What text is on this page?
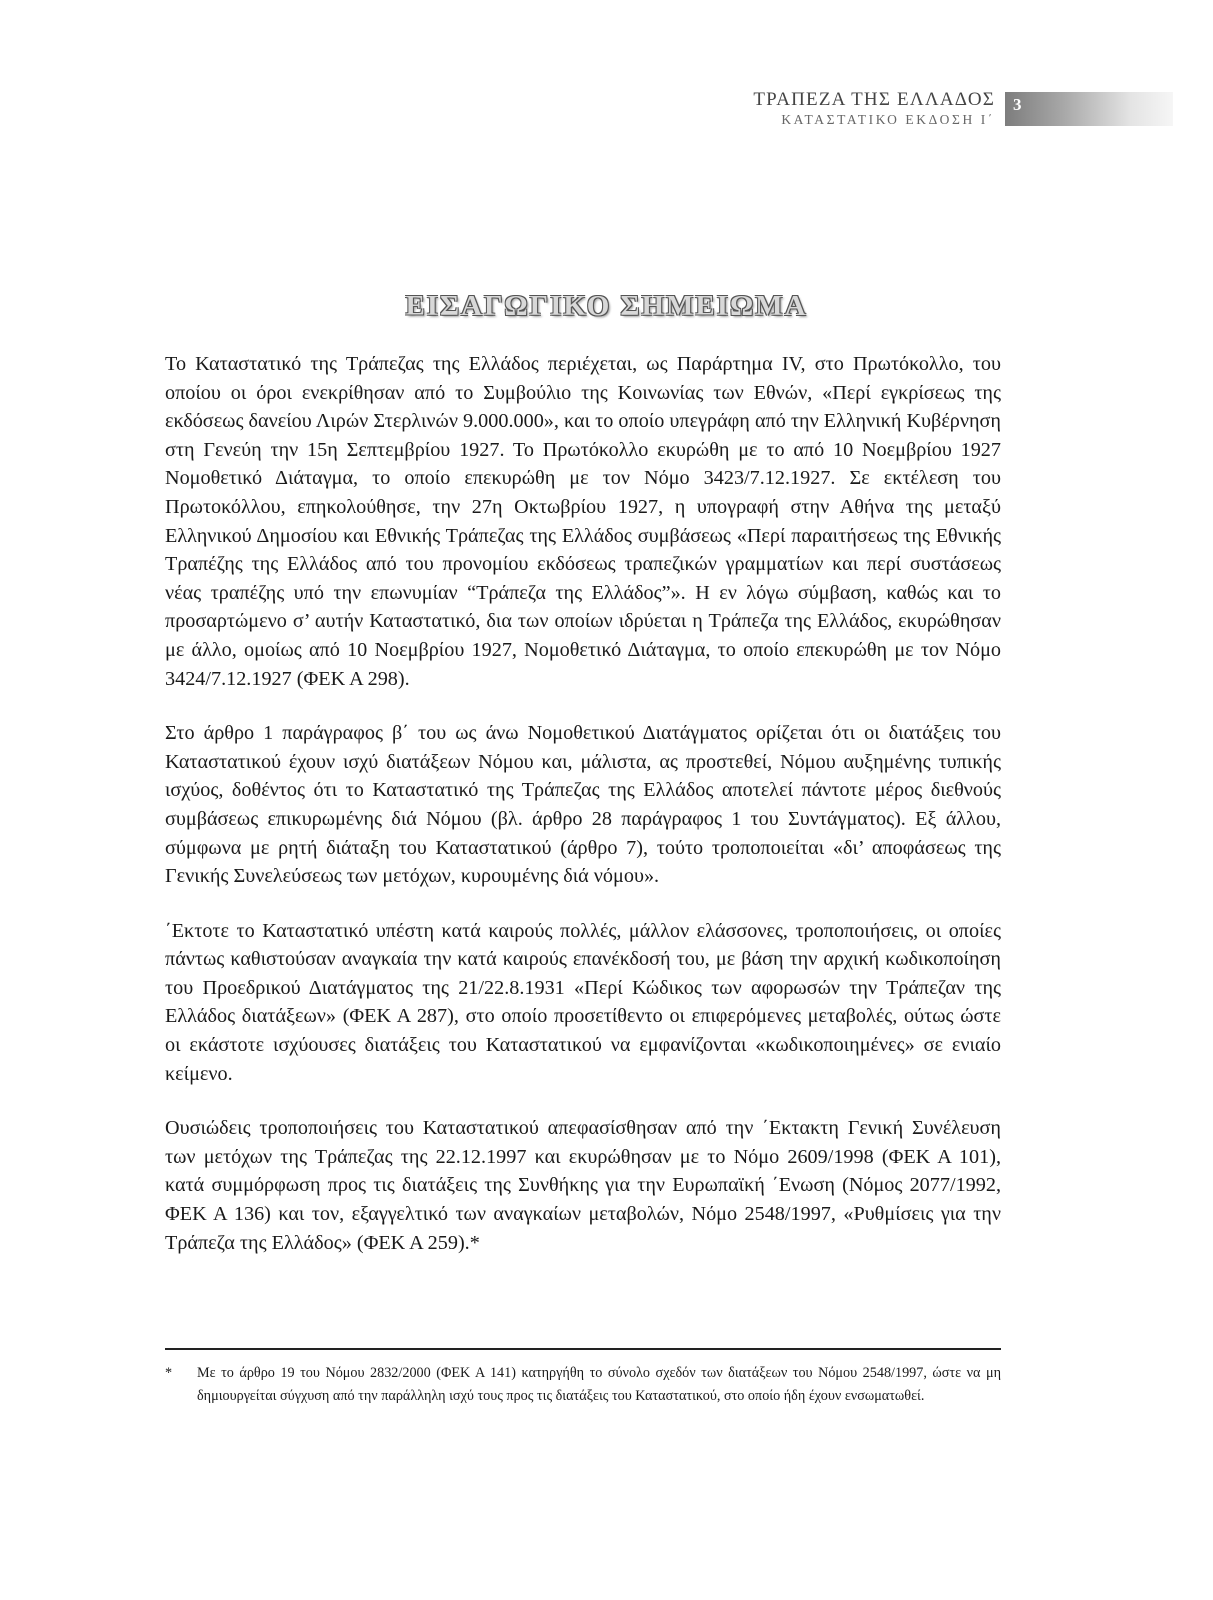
ΤΡΑΠΕΖΑ ΤΗΣ ΕΛΛΑΔΟΣ
ΚΑΤΑΣΤΑΤΙΚΟ ΕΚΔΟΣΗ Ι΄
3
ΕΙΣΑΓΩΓΙΚΟ ΣΗΜΕΙΩΜΑ

Το Καταστατικό της Τράπεζας της Ελλάδος περιέχεται, ως Παράρτημα IV, στο Πρωτόκολλο, του οποίου οι όροι ενεκρίθησαν από το Συμβούλιο της Κοινωνίας των Εθνών, «Περί εγκρίσεως της εκδόσεως δανείου Λιρών Στερλινών 9.000.000», και το οποίο υπεγράφη από την Ελληνική Κυβέρνηση στη Γενεύη την 15η Σεπτεμβρίου 1927. Το Πρωτόκολλο εκυρώθη με το από 10 Νοεμβρίου 1927 Νομοθετικό Διάταγμα, το οποίο επεκυρώθη με τον Νόμο 3423/7.12.1927. Σε εκτέλεση του Πρωτοκόλλου, επηκολούθησε, την 27η Οκτωβρίου 1927, η υπογραφή στην Αθήνα της μεταξύ Ελληνικού Δημοσίου και Εθνικής Τράπεζας της Ελλάδος συμβάσεως «Περί παραιτήσεως της Εθνικής Τραπέζης της Ελλάδος από του προνομίου εκδόσεως τραπεζικών γραμματίων και περί συστάσεως νέας τραπέζης υπό την επωνυμίαν “Τράπεζα της Ελλάδος”». Η εν λόγω σύμβαση, καθώς και το προσαρτώμενο σ’ αυτήν Καταστατικό, δια των οποίων ιδρύεται η Τράπεζα της Ελλάδος, εκυρώθησαν με άλλο, ομοίως από 10 Νοεμβρίου 1927, Νομοθετικό Διάταγμα, το οποίο επεκυρώθη με τον Νόμο 3424/7.12.1927 (ΦΕΚ Α 298).

Στο άρθρο 1 παράγραφος β΄ του ως άνω Νομοθετικού Διατάγματος ορίζεται ότι οι διατάξεις του Καταστατικού έχουν ισχύ διατάξεων Νόμου και, μάλιστα, ας προστεθεί, Νόμου αυξημένης τυπικής ισχύος, δοθέντος ότι το Καταστατικό της Τράπεζας της Ελλάδος αποτελεί πάντοτε μέρος διεθνούς συμβάσεως επικυρωμένης διά Νόμου (βλ. άρθρο 28 παράγραφος 1 του Συντάγματος). Εξ άλλου, σύμφωνα με ρητή διάταξη του Καταστατικού (άρθρο 7), τούτο τροποποιείται «δι’ αποφάσεως της Γενικής Συνελεύσεως των μετόχων, κυρουμένης διά νόμου».

΄Εκτοτε το Καταστατικό υπέστη κατά καιρούς πολλές, μάλλον ελάσσονες, τροποποιήσεις, οι οποίες πάντως καθιστούσαν αναγκαία την κατά καιρούς επανέκδοσή του, με βάση την αρχική κωδικοποίηση του Προεδρικού Διατάγματος της 21/22.8.1931 «Περί Κώδικος των αφορωσών την Τράπεζαν της Ελλάδος διατάξεων» (ΦΕΚ Α 287), στο οποίο προσετίθεντο οι επιφερόμενες μεταβολές, ούτως ώστε οι εκάστοτε ισχύουσες διατάξεις του Καταστατικού να εμφανίζονται «κωδικοποιημένες» σε ενιαίο κείμενο.

Ουσιώδεις τροποποιήσεις του Καταστατικού απεφασίσθησαν από την ΄Εκτακτη Γενική Συνέλευση των μετόχων της Τράπεζας της 22.12.1997 και εκυρώθησαν με το Νόμο 2609/1998 (ΦΕΚ Α 101), κατά συμμόρφωση προς τις διατάξεις της Συνθήκης για την Ευρωπαϊκή ΄Ενωση (Νόμος 2077/1992, ΦΕΚ Α 136) και τον, εξαγγελτικό των αναγκαίων μεταβολών, Νόμο 2548/1997, «Ρυθμίσεις για την Τράπεζα της Ελλάδος» (ΦΕΚ Α 259).*

*	Με το άρθρο 19 του Νόμου 2832/2000 (ΦΕΚ Α 141) κατηργήθη το σύνολο σχεδόν των διατάξεων του Νόμου 2548/1997, ώστε να μη δημιουργείται σύγχυση από την παράλληλη ισχύ τους προς τις διατάξεις του Καταστατικού, στο οποίο ήδη έχουν ενσωματωθεί.
